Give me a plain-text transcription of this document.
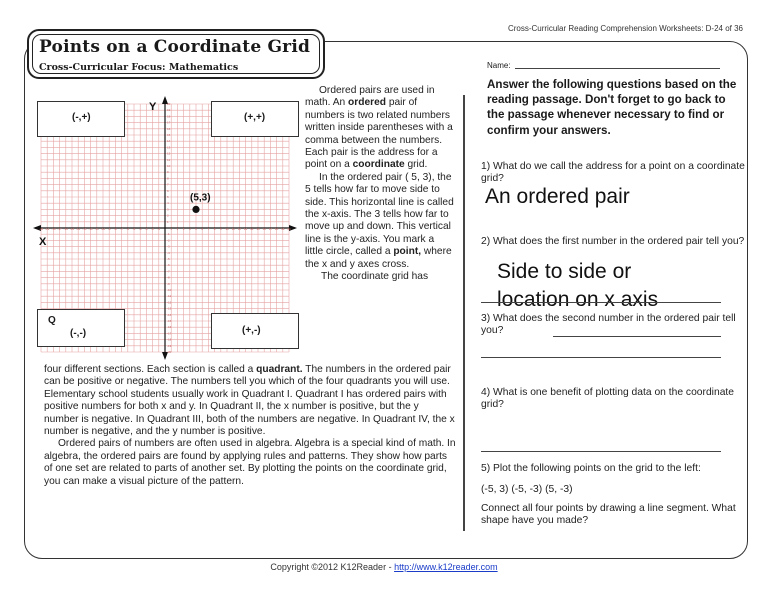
Cross-Curricular Reading Comprehension Worksheets: D-24 of 36
Points on a Coordinate Grid
Cross-Curricular Focus: Mathematics
-20
-20
-19
-19
-18
-18
-17
-17
-16
-16
-15
-15
-14
-14
-13
-13
-12
-12
-11
-11
-10
-10
-9
-9
-8
-8
-7
-7
-6
-6
-5
-5
-4
-4
-3
-3
-2
-2
-1
-1
1
1
2
2
3
3
4
4
5
5
6
6
7
7
8
8
9
9
10
10
11
11
12
12
13
13
14
14
15
15
16
16
17
17
18
18
19
19
20
20
Y
X
(5,3)
(-,+)	(+,+)
Q
(-,-)	(+,-)

Ordered pairs are used in math. An ordered pair of numbers is two related numbers written inside parentheses with a comma between the numbers. Each pair is the address for a point on a coordinate grid.

In the ordered pair ( 5, 3), the 5 tells how far to move side to side. This horizontal line is called the x-axis. The 3 tells how far to move up and down. This vertical line is the y-axis. You mark a little circle, called a point, where the x and y axes cross.

The coordinate grid has

four different sections. Each section is called a quadrant. The numbers in the ordered pair can be positive or negative. The numbers tell you which of the four quadrants you will use. Elementary school students usually work in Quadrant I. Quadrant I has ordered pairs with positive numbers for both x and y. In Quadrant II, the x number is positive, but the y number is negative. In Quadrant III, both of the numbers are negative. In Quadrant IV, the x number is negative, and the y number is positive.

Ordered pairs of numbers are often used in algebra. Algebra is a special kind of math. In algebra, the ordered pairs are found by applying rules and patterns. They show how parts of one set are related to parts of another set. By plotting the points on the coordinate grid, you can make a visual picture of the pattern.

Name:
Answer the following questions based on the reading passage. Don't forget to go back to the passage whenever necessary to find or confirm your answers.
1) What do we call the address for a point on a coordinate grid?
An ordered pair
2) What does the first number in the ordered pair tell you?
Side to side or
location on x axis
3) What does the second number in the ordered pair tell you?
4) What is one benefit of plotting data on the coordinate grid?
5) Plot the following points on the grid to the left:
(-5, 3) (-5, -3) (5, -3)
Connect all four points by drawing a line segment. What shape have you made?
Copyright ©2012 K12Reader - http://www.k12reader.com
